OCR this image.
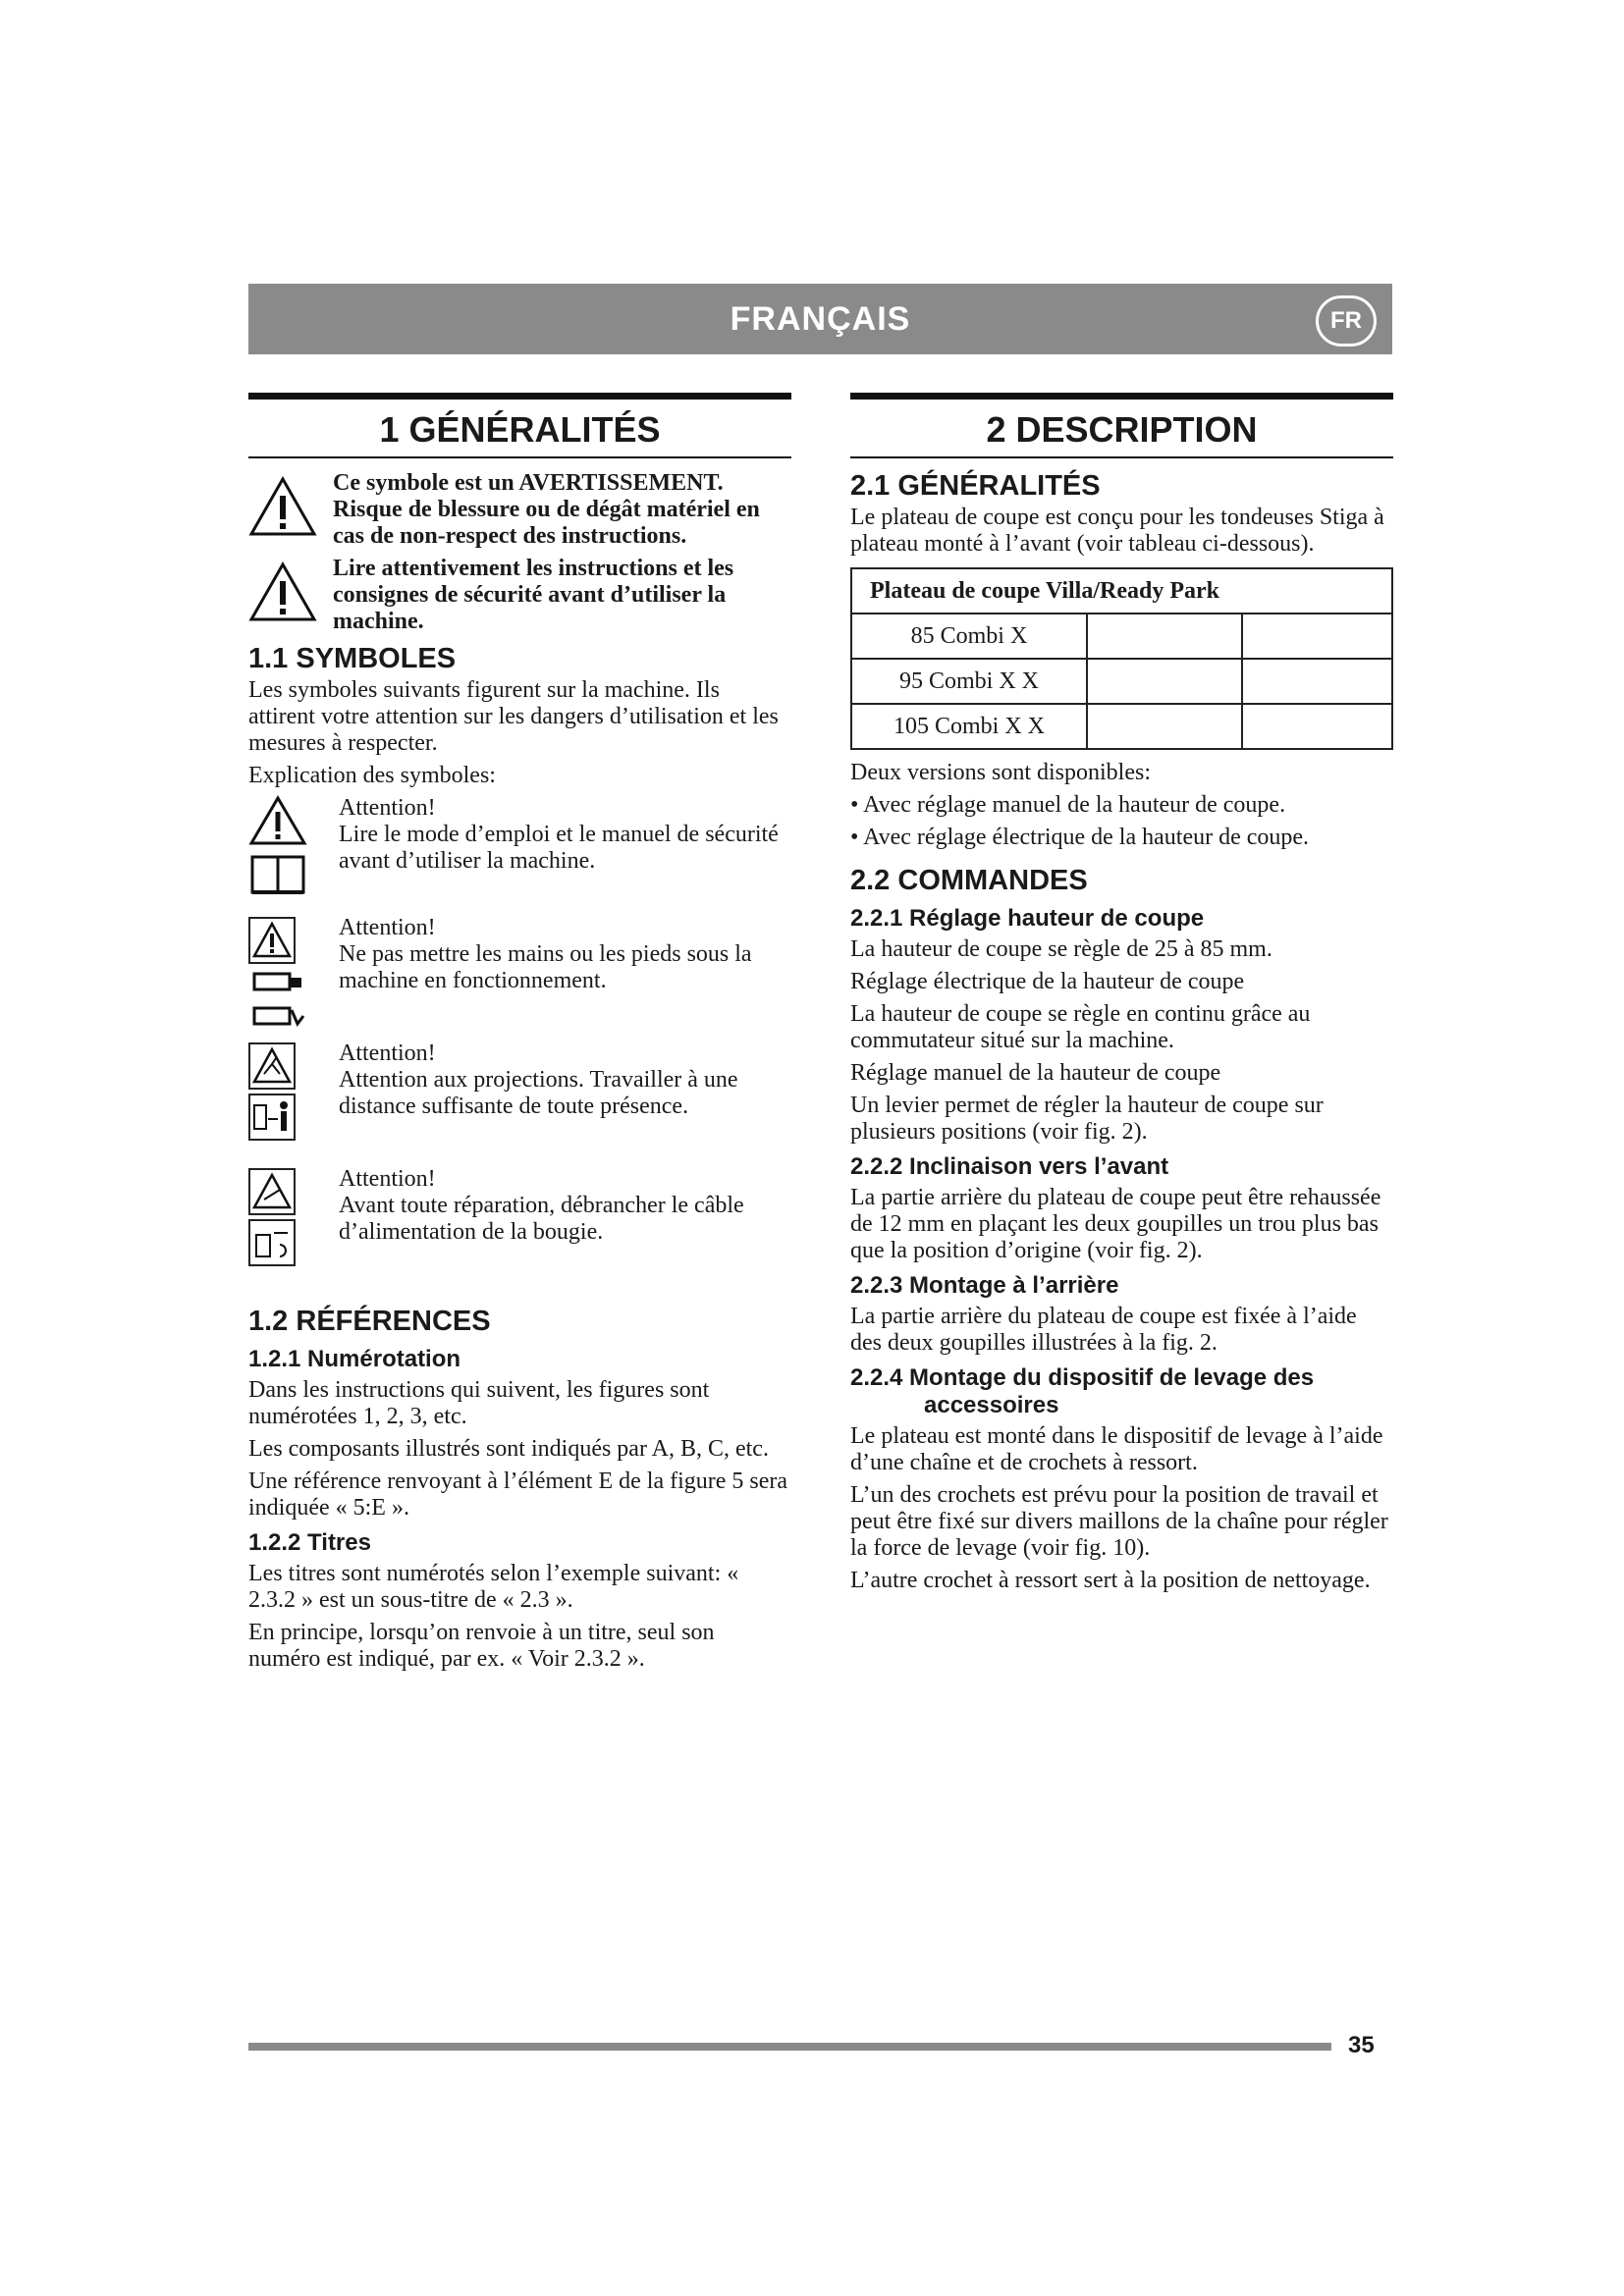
FRANÇAIS	FR
1 GÉNÉRALITÉS
Ce symbole est un AVERTISSEMENT. Risque de blessure ou de dégât matériel en cas de non-respect des instructions.
Lire attentivement les instructions et les consignes de sécurité avant d’utiliser la machine.
1.1 SYMBOLES

Les symboles suivants figurent sur la machine. Ils attirent votre attention sur les dangers d’utilisation et les mesures à respecter.

Explication des symboles:

Attention!
Lire le mode d’emploi et le manuel de sécurité avant d’utiliser la machine.

Attention!
Ne pas mettre les mains ou les pieds sous la machine en fonctionnement.
Attention!
Attention aux projections. Travailler à une distance suffisante de toute présence.
Attention!
Avant toute réparation, débrancher le câble d’alimentation de la bougie.
1.2 RÉFÉRENCES
1.2.1 Numérotation

Dans les instructions qui suivent, les figures sont numérotées 1, 2, 3, etc.

Les composants illustrés sont indiqués par A, B, C, etc.

Une référence renvoyant à l’élément E de la figure 5 sera indiquée « 5:E ».

1.2.2 Titres

Les titres sont numérotés selon l’exemple suivant: « 2.3.2 » est un sous-titre de « 2.3 ».

En principe, lorsqu’on renvoie à un titre, seul son numéro est indiqué, par ex. « Voir 2.3.2 ».

2 DESCRIPTION
2.1 GÉNÉRALITÉS

Le plateau de coupe est conçu pour les tondeuses Stiga à plateau monté à l’avant (voir tableau ci-dessous).

Plateau de coupe Villa/Ready Park		
85 Combi X		
95 Combi X X		
105 Combi X X		

Deux versions sont disponibles:

• Avec réglage manuel de la hauteur de coupe.

• Avec réglage électrique de la hauteur de coupe.

2.2 COMMANDES
2.2.1 Réglage hauteur de coupe

La hauteur de coupe se règle de 25 à 85 mm.

Réglage électrique de la hauteur de coupe

La hauteur de coupe se règle en continu grâce au commutateur situé sur la machine.

Réglage manuel de la hauteur de coupe

Un levier permet de régler la hauteur de coupe sur plusieurs positions (voir fig. 2).

2.2.2 Inclinaison vers l’avant

La partie arrière du plateau de coupe peut être rehaussée de 12 mm en plaçant les deux goupilles un trou plus bas que la position d’origine (voir fig. 2).

2.2.3 Montage à l’arrière

La partie arrière du plateau de coupe est fixée à l’aide des deux goupilles illustrées à la fig. 2.

2.2.4 Montage du dispositif de levage des accessoires

Le plateau est monté dans le dispositif de levage à l’aide d’une chaîne et de crochets à ressort.

L’un des crochets est prévu pour la position de travail et peut être fixé sur divers maillons de la chaîne pour régler la force de levage (voir fig. 10).

L’autre crochet à ressort sert à la position de nettoyage.

35
